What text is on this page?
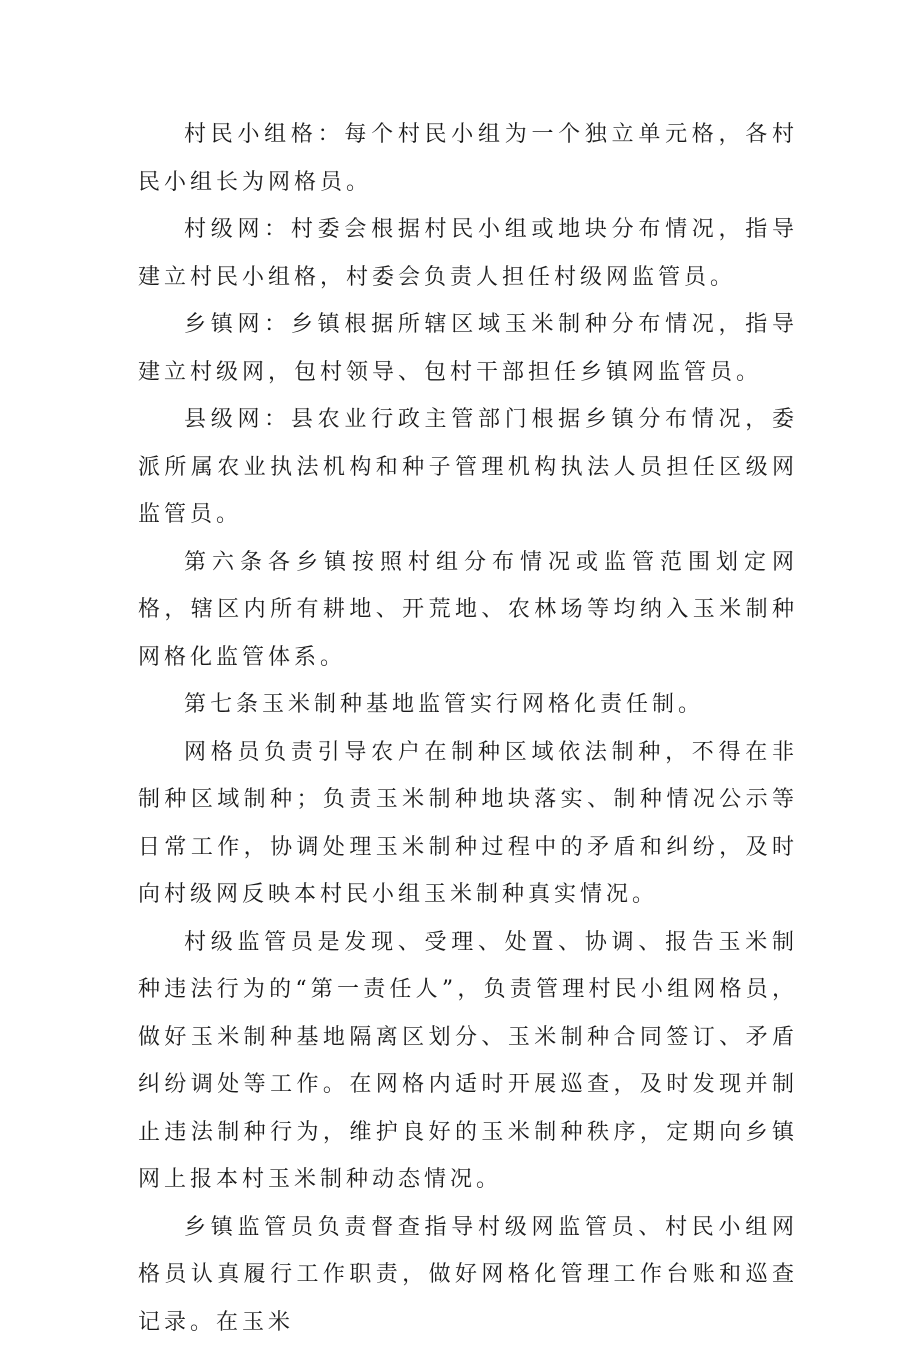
村民小组格：每个村民小组为一个独立单元格，各村民小组长为网格员。

村级网：村委会根据村民小组或地块分布情况，指导建立村民小组格，村委会负责人担任村级网监管员。

乡镇网：乡镇根据所辖区域玉米制种分布情况，指导建立村级网，包村领导、包村干部担任乡镇网监管员。

县级网：县农业行政主管部门根据乡镇分布情况，委派所属农业执法机构和种子管理机构执法人员担任区级网监管员。

第六条各乡镇按照村组分布情况或监管范围划定网格，辖区内所有耕地、开荒地、农林场等均纳入玉米制种网格化监管体系。

第七条玉米制种基地监管实行网格化责任制。

网格员负责引导农户在制种区域依法制种，不得在非制种区域制种；负责玉米制种地块落实、制种情况公示等日常工作，协调处理玉米制种过程中的矛盾和纠纷，及时向村级网反映本村民小组玉米制种真实情况。

村级监管员是发现、受理、处置、协调、报告玉米制种违法行为的“第一责任人”，负责管理村民小组网格员，做好玉米制种基地隔离区划分、玉米制种合同签订、矛盾纠纷调处等工作。在网格内适时开展巡查，及时发现并制止违法制种行为，维护良好的玉米制种秩序，定期向乡镇网上报本村玉米制种动态情况。

乡镇监管员负责督查指导村级网监管员、村民小组网格员认真履行工作职责，做好网格化管理工作台账和巡查记录。在玉米
